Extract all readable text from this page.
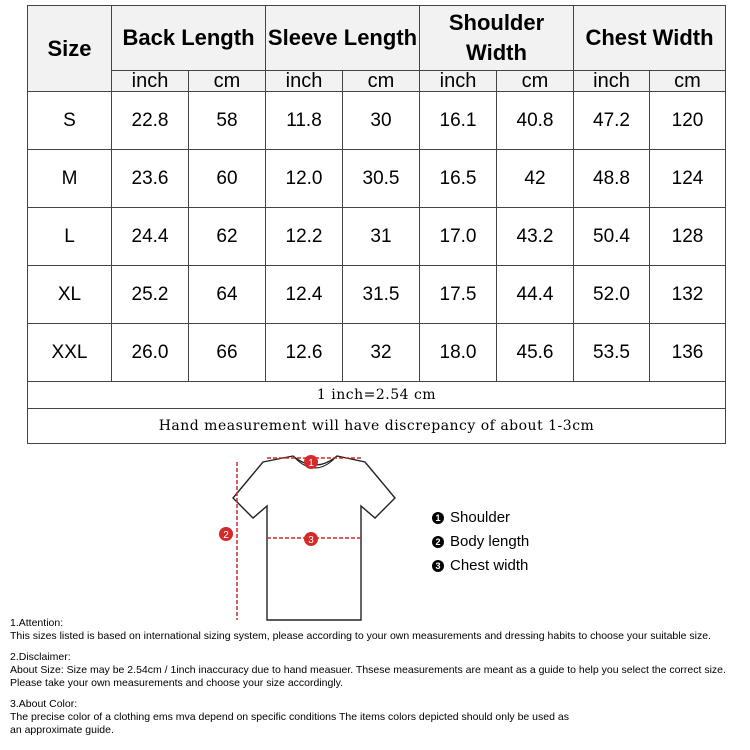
Size	Back Length		Sleeve Length		Shoulder Width		Chest Width	
	inch	cm	inch	cm	inch	cm	inch	cm
S	22.8	58	11.8	30	16.1	40.8	47.2	120
M	23.6	60	12.0	30.5	16.5	42	48.8	124
L	24.4	62	12.2	31	17.0	43.2	50.4	128
XL	25.2	64	12.4	31.5	17.5	44.4	52.0	132
XXL	26.0	66	12.6	32	18.0	45.6	53.5	136
1 inch=2.54 cm								
Hand measurement will have discrepancy of about 1-3cm								
1
2	3
1 Shoulder
2 Body length
3 Chest width

1.Attention:

This sizes listed is based on international sizing system, please according to your own measurements and dressing habits to choose your suitable size.

2.Disclaimer:

About Size: Size may be 2.54cm / 1inch inaccuracy due to hand measuer. Thsese measurements are meant as a guide to help you select the correct size.

Please take your own measurements and choose your size accordingly.

3.About Color:

The precise color of a clothing ems mva depend on specific conditions The items colors depicted should only be used as

an approximate guide.
